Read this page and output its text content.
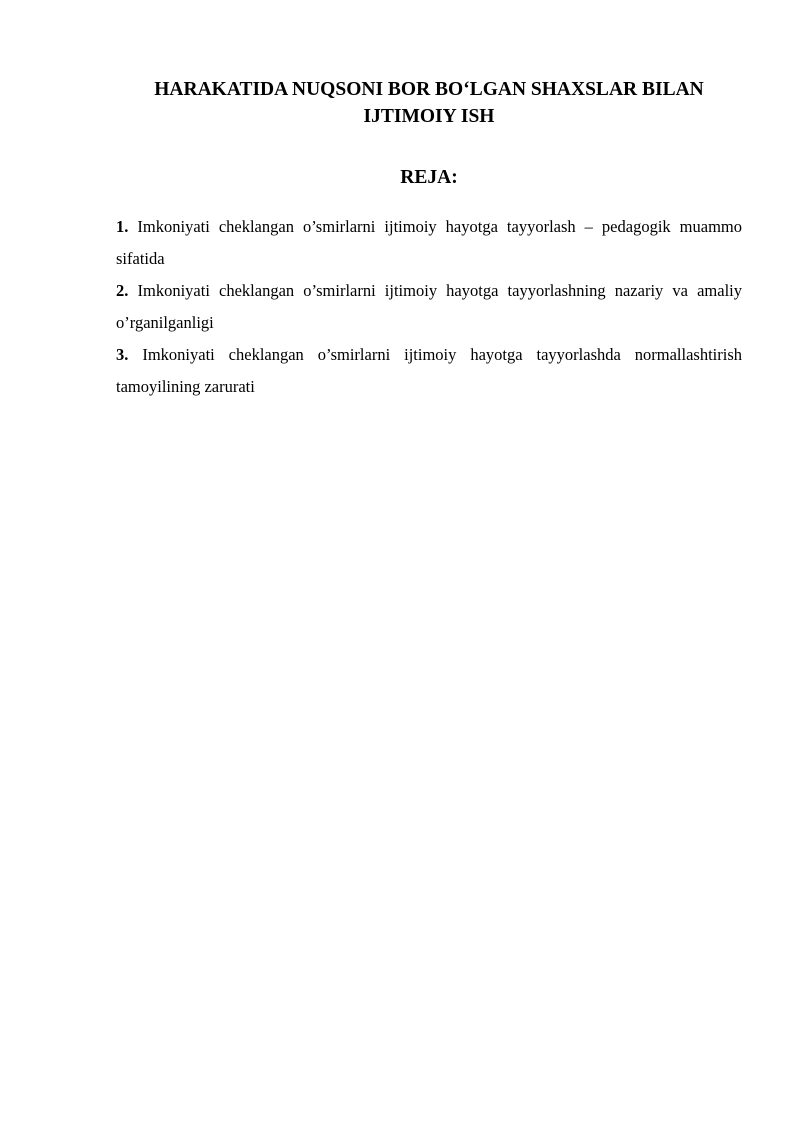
HARAKATIDA NUQSONI BOR BO‘LGAN SHAXSLAR BILAN
IJTIMOIY ISH
REJA:
1. Imkoniyati cheklangan o’smirlarni ijtimoiy hayotga tayyorlash – pedagogik muammo sifatida
2. Imkoniyati cheklangan o’smirlarni ijtimoiy hayotga tayyorlashning nazariy va amaliy o’rganilganligi
3. Imkoniyati cheklangan o’smirlarni ijtimoiy hayotga tayyorlashda normallashtirish tamoyilining zarurati
